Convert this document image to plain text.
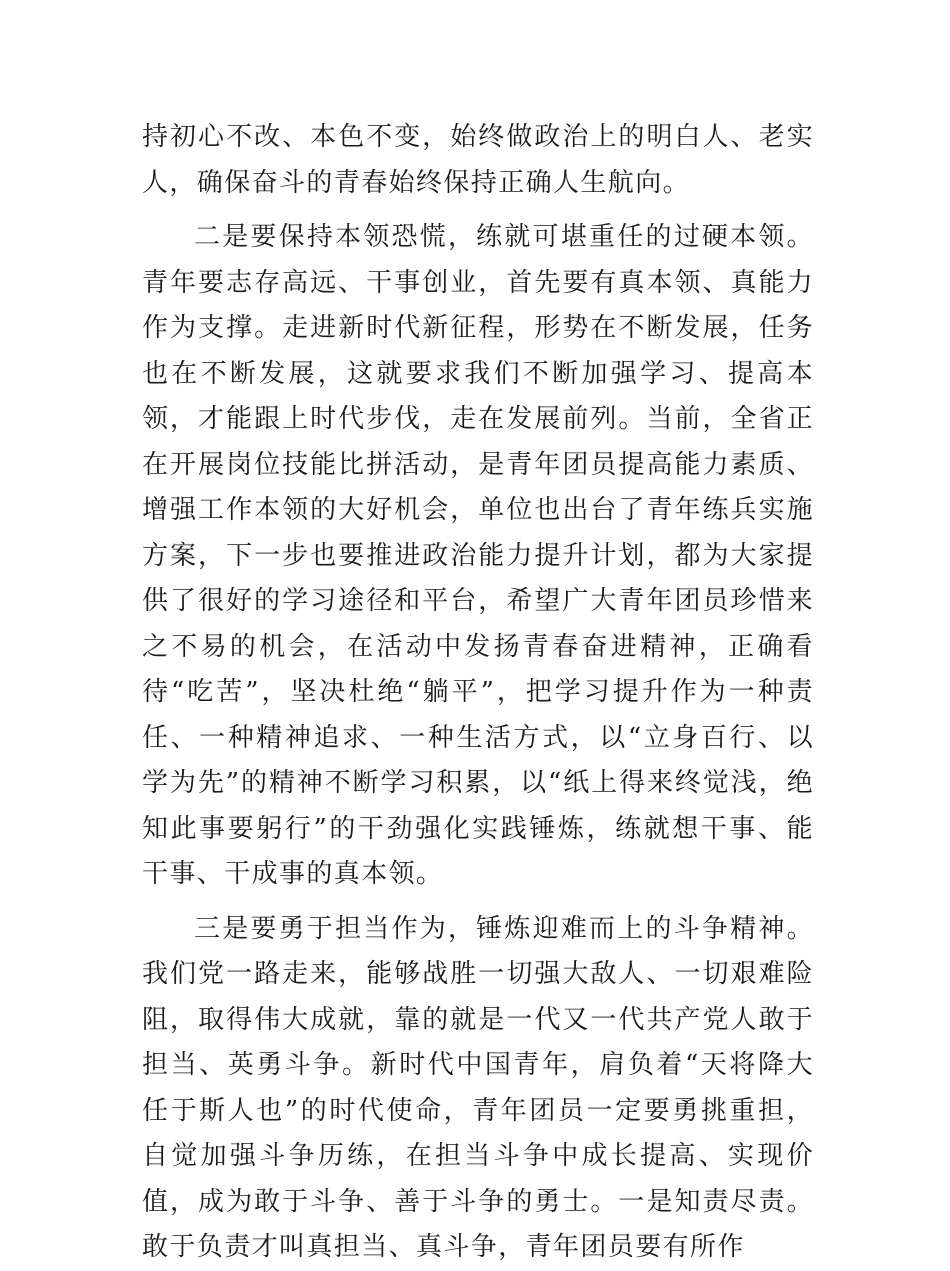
持初心不改、本色不变，始终做政治上的明白人、老实人，确保奋斗的青春始终保持正确人生航向。

二是要保持本领恐慌，练就可堪重任的过硬本领。青年要志存高远、干事创业，首先要有真本领、真能力作为支撑。走进新时代新征程，形势在不断发展，任务也在不断发展，这就要求我们不断加强学习、提高本领，才能跟上时代步伐，走在发展前列。当前，全省正在开展岗位技能比拼活动，是青年团员提高能力素质、增强工作本领的大好机会，单位也出台了青年练兵实施方案，下一步也要推进政治能力提升计划，都为大家提供了很好的学习途径和平台，希望广大青年团员珍惜来之不易的机会，在活动中发扬青春奋进精神，正确看待“吃苦”，坚决杜绝“躺平”，把学习提升作为一种责任、一种精神追求、一种生活方式，以“立身百行、以学为先”的精神不断学习积累，以“纸上得来终觉浅，绝知此事要躬行”的干劲强化实践锤炼，练就想干事、能干事、干成事的真本领。

三是要勇于担当作为，锤炼迎难而上的斗争精神。我们党一路走来，能够战胜一切强大敌人、一切艰难险阻，取得伟大成就，靠的就是一代又一代共产党人敢于担当、英勇斗争。新时代中国青年，肩负着“天将降大任于斯人也”的时代使命，青年团员一定要勇挑重担，自觉加强斗争历练，在担当斗争中成长提高、实现价值，成为敢于斗争、善于斗争的勇士。一是知责尽责。敢于负责才叫真担当、真斗争，青年团员要有所作
